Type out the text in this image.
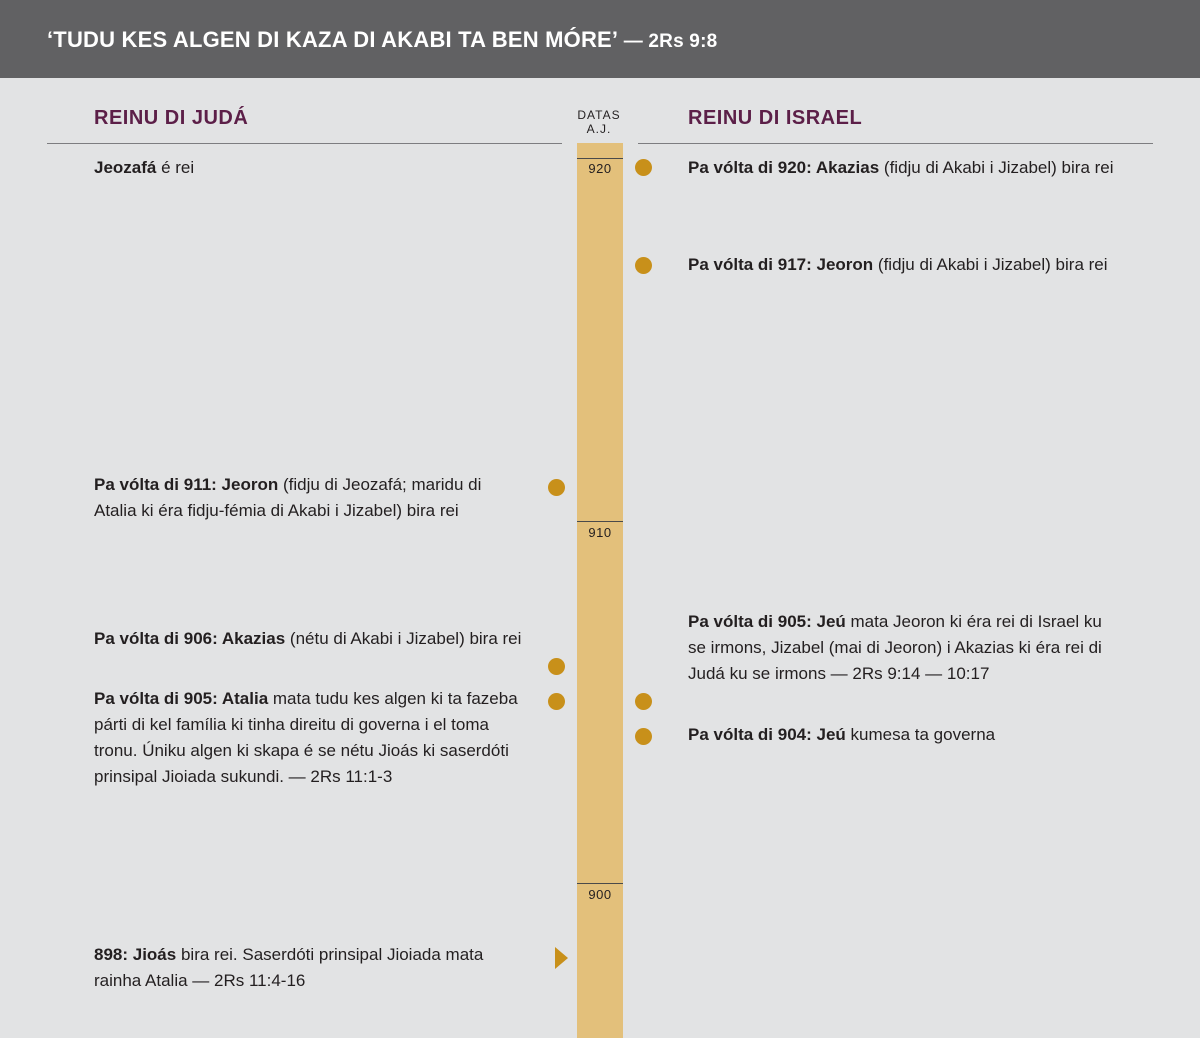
‘TUDU KES ALGEN DI KAZA DI AKABI TA BEN MÓRE’ — 2Rs 9:8
REINU DI JUDÁ	REINU DI ISRAEL
DATAS
A.J.
920
910
900
Jeozafá é rei
Pa vólta di 911: Jeoron (fidju di Jeozafá; maridu di Atalia ki éra fidju-fémia di Akabi i Jizabel) bira rei
Pa vólta di 906: Akazias (nétu di Akabi i Jizabel) bira rei
Pa vólta di 905: Atalia mata tudu kes algen ki ta fazeba párti di kel família ki tinha direitu di governa i el toma tronu. Úniku algen ki skapa é se nétu Jioás ki saserdóti prinsipal Jioiada sukundi. — 2Rs 11:1-3
898: Jioás bira rei. Saserdóti prinsipal Jioiada mata rainha Atalia — 2Rs 11:4-16
Pa vólta di 920: Akazias (fidju di Akabi i Jizabel) bira rei
Pa vólta di 917: Jeoron (fidju di Akabi i Jizabel) bira rei
Pa vólta di 905: Jeú mata Jeoron ki éra rei di Israel ku se irmons, Jizabel (mai di Jeoron) i Akazias ki éra rei di Judá ku se irmons — 2Rs 9:14 — 10:17
Pa vólta di 904: Jeú kumesa ta governa
